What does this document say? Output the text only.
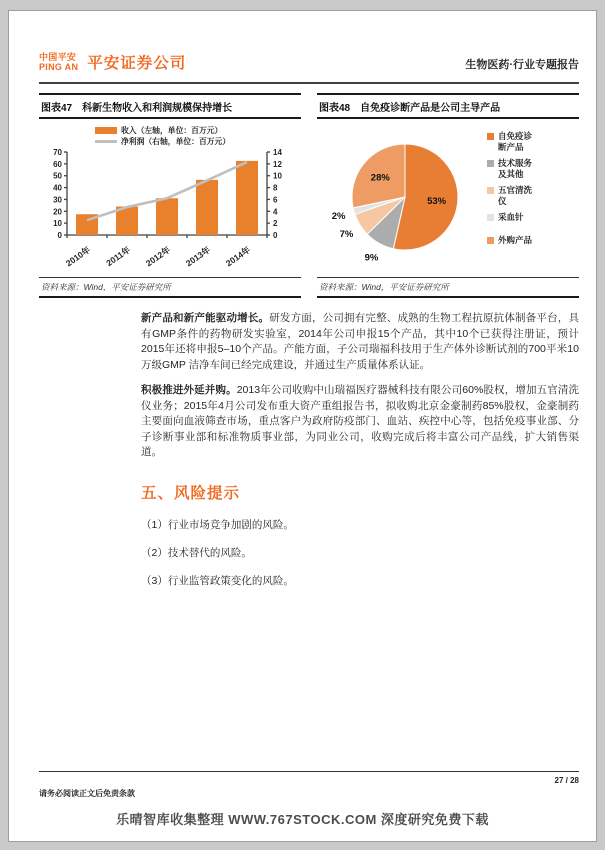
中国平安
PING AN 平安证券公司	生物医药·行业专题报告
图表47 科新生物收入和利润规模保持增长
收入（左轴，单位：百万元）
净利润（右轴，单位：百万元）
0
10
20
30
40
50
60
70
0
2
4
6
8
10
12
14
2010年 2011年 2012年 2013年 2014年
资料来源：Wind，平安证券研究所
图表48 自免疫诊断产品是公司主导产品
53%
9%
7%
2%
28%
自免疫诊断产品
技术服务及其他
五官清洗仪
采血针
外购产品
资料来源：Wind，平安证券研究所

新产品和新产能驱动增长。研发方面，公司拥有完整、成熟的生物工程抗原抗体制备平台，具有GMP条件的药物研发实验室，2014年公司申报15个产品，其中10个已获得注册证，预计2015年还将申报5–10个产品。产能方面，子公司瑞福科技用于生产体外诊断试剂的700平米10万级GMP 洁净车间已经完成建设，并通过生产质量体系认证。

积极推进外延并购。2013年公司收购中山瑞福医疗器械科技有限公司60%股权，增加五官清洗仪业务；2015年4月公司发布重大资产重组报告书，拟收购北京金豪制药85%股权，金豪制药主要面向血液筛查市场，重点客户为政府防疫部门、血站、疾控中心等，包括免疫事业部、分子诊断事业部和标准物质事业部，为同业公司，收购完成后将丰富公司产品线，扩大销售渠道。

五、风险提示
（1）行业市场竞争加剧的风险。
（2）技术替代的风险。
（3）行业监管政策变化的风险。
27 / 28
请务必阅读正文后免责条款
乐晴智库收集整理 WWW.767STOCK.COM 深度研究免费下载
